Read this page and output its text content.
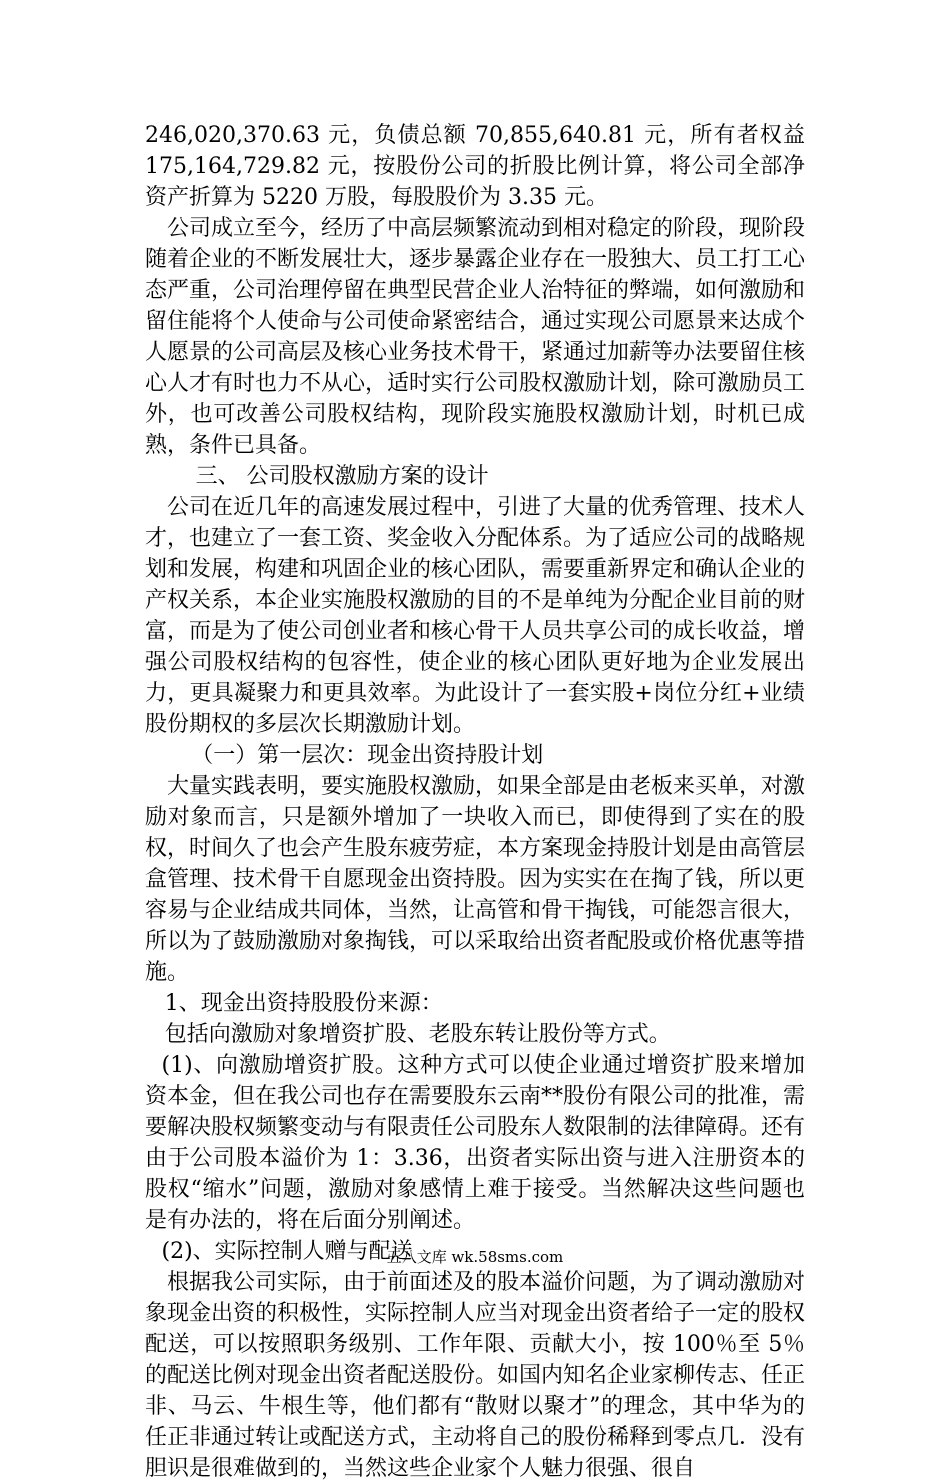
246,020,370.63 元，负债总额 70,855,640.81 元，所有者权益 175,164,729.82 元，按股份公司的折股比例计算，将公司全部净资产折算为 5220 万股，每股股价为 3.35 元。

公司成立至今，经历了中高层频繁流动到相对稳定的阶段，现阶段随着企业的不断发展壮大，逐步暴露企业存在一股独大、员工打工心态严重，公司治理停留在典型民营企业人治特征的弊端，如何激励和留住能将个人使命与公司使命紧密结合，通过实现公司愿景来达成个人愿景的公司高层及核心业务技术骨干，紧通过加薪等办法要留住核心人才有时也力不从心，适时实行公司股权激励计划，除可激励员工外，也可改善公司股权结构，现阶段实施股权激励计划，时机已成熟，条件已具备。

三、 公司股权激励方案的设计

公司在近几年的高速发展过程中，引进了大量的优秀管理、技术人才，也建立了一套工资、奖金收入分配体系。为了适应公司的战略规划和发展，构建和巩固企业的核心团队，需要重新界定和确认企业的产权关系，本企业实施股权激励的目的不是单纯为分配企业目前的财富，而是为了使公司创业者和核心骨干人员共享公司的成长收益，增强公司股权结构的包容性，使企业的核心团队更好地为企业发展出力，更具凝聚力和更具效率。为此设计了一套实股+岗位分红+业绩股份期权的多层次长期激励计划。

（一）第一层次：现金出资持股计划

大量实践表明，要实施股权激励，如果全部是由老板来买单，对激励对象而言，只是额外增加了一块收入而已，即使得到了实在的股权，时间久了也会产生股东疲劳症，本方案现金持股计划是由高管层盒管理、技术骨干自愿现金出资持股。因为实实在在掏了钱，所以更容易与企业结成共同体，当然，让高管和骨干掏钱，可能怨言很大，所以为了鼓励激励对象掏钱，可以采取给出资者配股或价格优惠等措施。

1、现金出资持股股份来源：

包括向激励对象增资扩股、老股东转让股份等方式。

(1)、向激励增资扩股。这种方式可以使企业通过增资扩股来增加资本金，但在我公司也存在需要股东云南**股份有限公司的批准，需要解决股权频繁变动与有限责任公司股东人数限制的法律障碍。还有由于公司股本溢价为 1：3.36，出资者实际出资与进入注册资本的股权“缩水”问题，激励对象感情上难于接受。当然解决这些问题也是有办法的，将在后面分别阐述。

(2)、实际控制人赠与配送

根据我公司实际，由于前面述及的股本溢价问题，为了调动激励对象现金出资的积极性，实际控制人应当对现金出资者给子一定的股权配送，可以按照职务级别、工作年限、贡献大小，按 100％至 5％的配送比例对现金出资者配送股份。如国内知名企业家柳传志、任正非、马云、牛根生等，他们都有“散财以聚才”的理念，其中华为的任正非通过转让或配送方式，主动将自己的股份稀释到零点几．没有胆识是很难做到的，当然这些企业家个人魅力很强、很自

五八文库 wk.58sms.com
